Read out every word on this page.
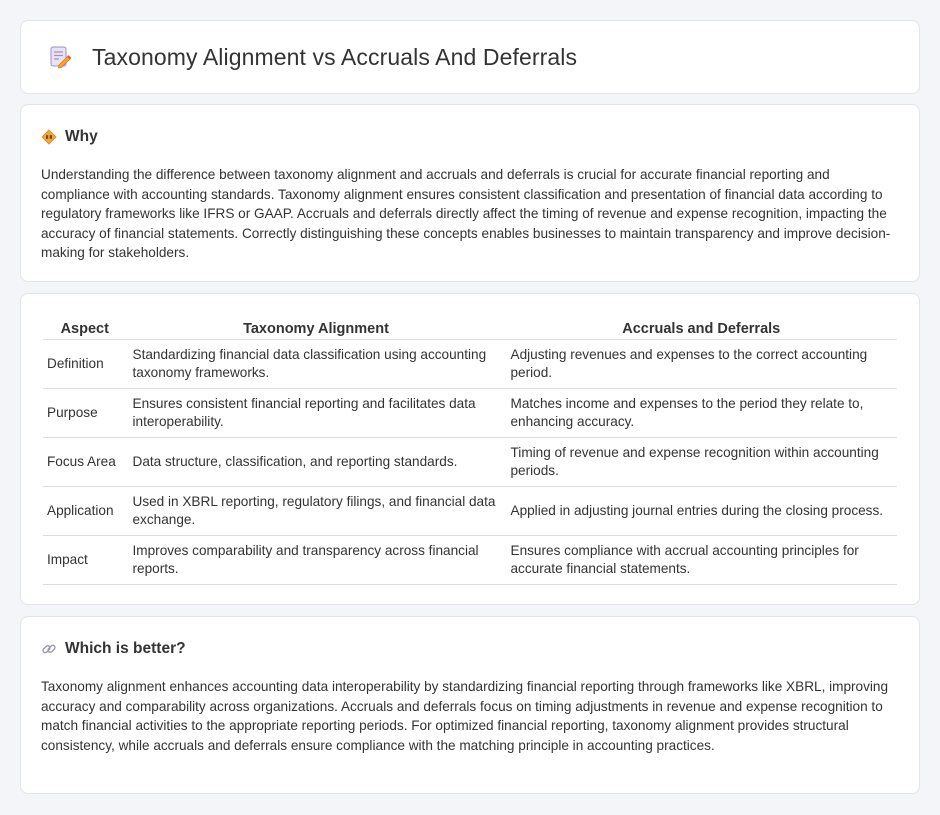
Taxonomy Alignment vs Accruals And Deferrals
Why

Understanding the difference between taxonomy alignment and accruals and deferrals is crucial for accurate financial reporting and compliance with accounting standards. Taxonomy alignment ensures consistent classification and presentation of financial data according to regulatory frameworks like IFRS or GAAP. Accruals and deferrals directly affect the timing of revenue and expense recognition, impacting the accuracy of financial statements. Correctly distinguishing these concepts enables businesses to maintain transparency and improve decision-making for stakeholders.

Aspect	Taxonomy Alignment	Accruals and Deferrals
Definition	Standardizing financial data classification using accounting taxonomy frameworks.	Adjusting revenues and expenses to the correct accounting period.
Purpose	Ensures consistent financial reporting and facilitates data interoperability.	Matches income and expenses to the period they relate to, enhancing accuracy.
Focus Area	Data structure, classification, and reporting standards.	Timing of revenue and expense recognition within accounting periods.
Application	Used in XBRL reporting, regulatory filings, and financial data exchange.	Applied in adjusting journal entries during the closing process.
Impact	Improves comparability and transparency across financial reports.	Ensures compliance with accrual accounting principles for accurate financial statements.
Which is better?

Taxonomy alignment enhances accounting data interoperability by standardizing financial reporting through frameworks like XBRL, improving accuracy and comparability across organizations. Accruals and deferrals focus on timing adjustments in revenue and expense recognition to match financial activities to the appropriate reporting periods. For optimized financial reporting, taxonomy alignment provides structural consistency, while accruals and deferrals ensure compliance with the matching principle in accounting practices.
